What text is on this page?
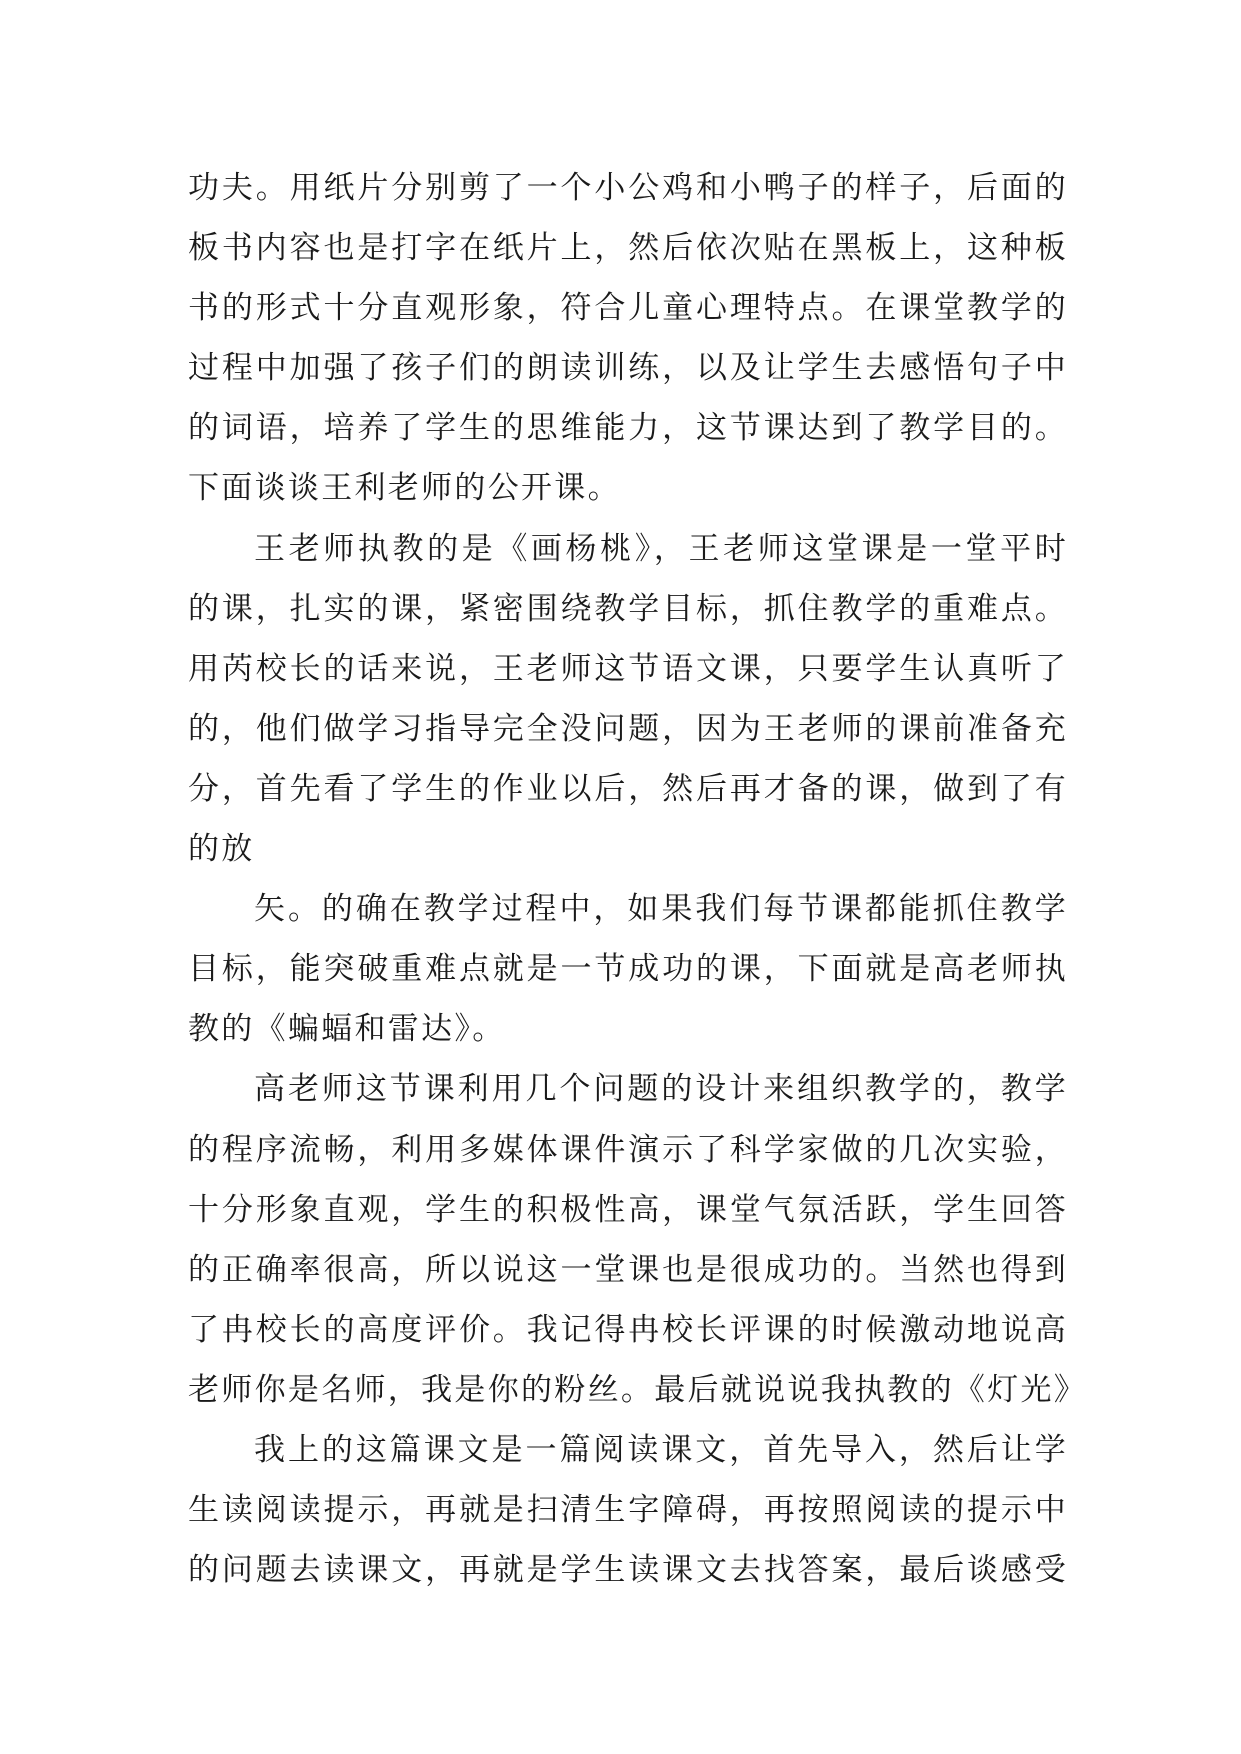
功夫。用纸片分别剪了一个小公鸡和小鸭子的样子，后面的
板书内容也是打字在纸片上，然后依次贴在黑板上，这种板
书的形式十分直观形象，符合儿童心理特点。在课堂教学的
过程中加强了孩子们的朗读训练，以及让学生去感悟句子中
的词语，培养了学生的思维能力，这节课达到了教学目的。
下面谈谈王利老师的公开课。
王老师执教的是《画杨桃》，王老师这堂课是一堂平时
的课，扎实的课，紧密围绕教学目标，抓住教学的重难点。
用芮校长的话来说，王老师这节语文课，只要学生认真听了
的，他们做学习指导完全没问题，因为王老师的课前准备充
分，首先看了学生的作业以后，然后再才备的课，做到了有
的放
矢。的确在教学过程中，如果我们每节课都能抓住教学
目标，能突破重难点就是一节成功的课，下面就是高老师执
教的《蝙蝠和雷达》。
高老师这节课利用几个问题的设计来组织教学的，教学
的程序流畅，利用多媒体课件演示了科学家做的几次实验，
十分形象直观，学生的积极性高，课堂气氛活跃，学生回答
的正确率很高，所以说这一堂课也是很成功的。当然也得到
了冉校长的高度评价。我记得冉校长评课的时候激动地说高
老师你是名师，我是你的粉丝。最后就说说我执教的《灯光》
我上的这篇课文是一篇阅读课文，首先导入，然后让学
生读阅读提示，再就是扫清生字障碍，再按照阅读的提示中
的问题去读课文，再就是学生读课文去找答案，最后谈感受
